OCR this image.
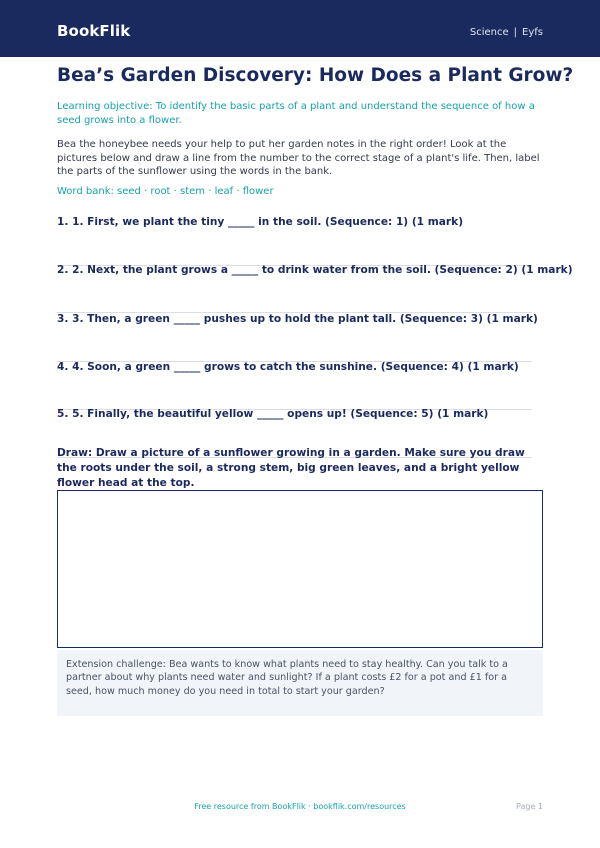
BookFlik	Science | Eyfs
Bea’s Garden Discovery: How Does a Plant Grow?

Learning objective: To identify the basic parts of a plant and understand the sequence of how a seed grows into a flower.

Bea the honeybee needs your help to put her garden notes in the right order! Look at the pictures below and draw a line from the number to the correct stage of a plant's life. Then, label the parts of the sunflower using the words in the bank.

Word bank: seed · root · stem · leaf · flower

1. 1. First, we plant the tiny _____ in the soil. (Sequence: 1) (1 mark)
2. 2. Next, the plant grows a _____ to drink water from the soil. (Sequence: 2) (1 mark)
3. 3. Then, a green _____ pushes up to hold the plant tall. (Sequence: 3) (1 mark)
4. 4. Soon, a green _____ grows to catch the sunshine. (Sequence: 4) (1 mark)
5. 5. Finally, the beautiful yellow _____ opens up! (Sequence: 5) (1 mark)

Draw: Draw a picture of a sunflower growing in a garden. Make sure you draw the roots under the soil, a strong stem, big green leaves, and a bright yellow flower head at the top.

Extension challenge: Bea wants to know what plants need to stay healthy. Can you talk to a partner about why plants need water and sunlight? If a plant costs £2 for a pot and £1 for a seed, how much money do you need in total to start your garden?
Free resource from BookFlik · bookflik.com/resources	Page 1
